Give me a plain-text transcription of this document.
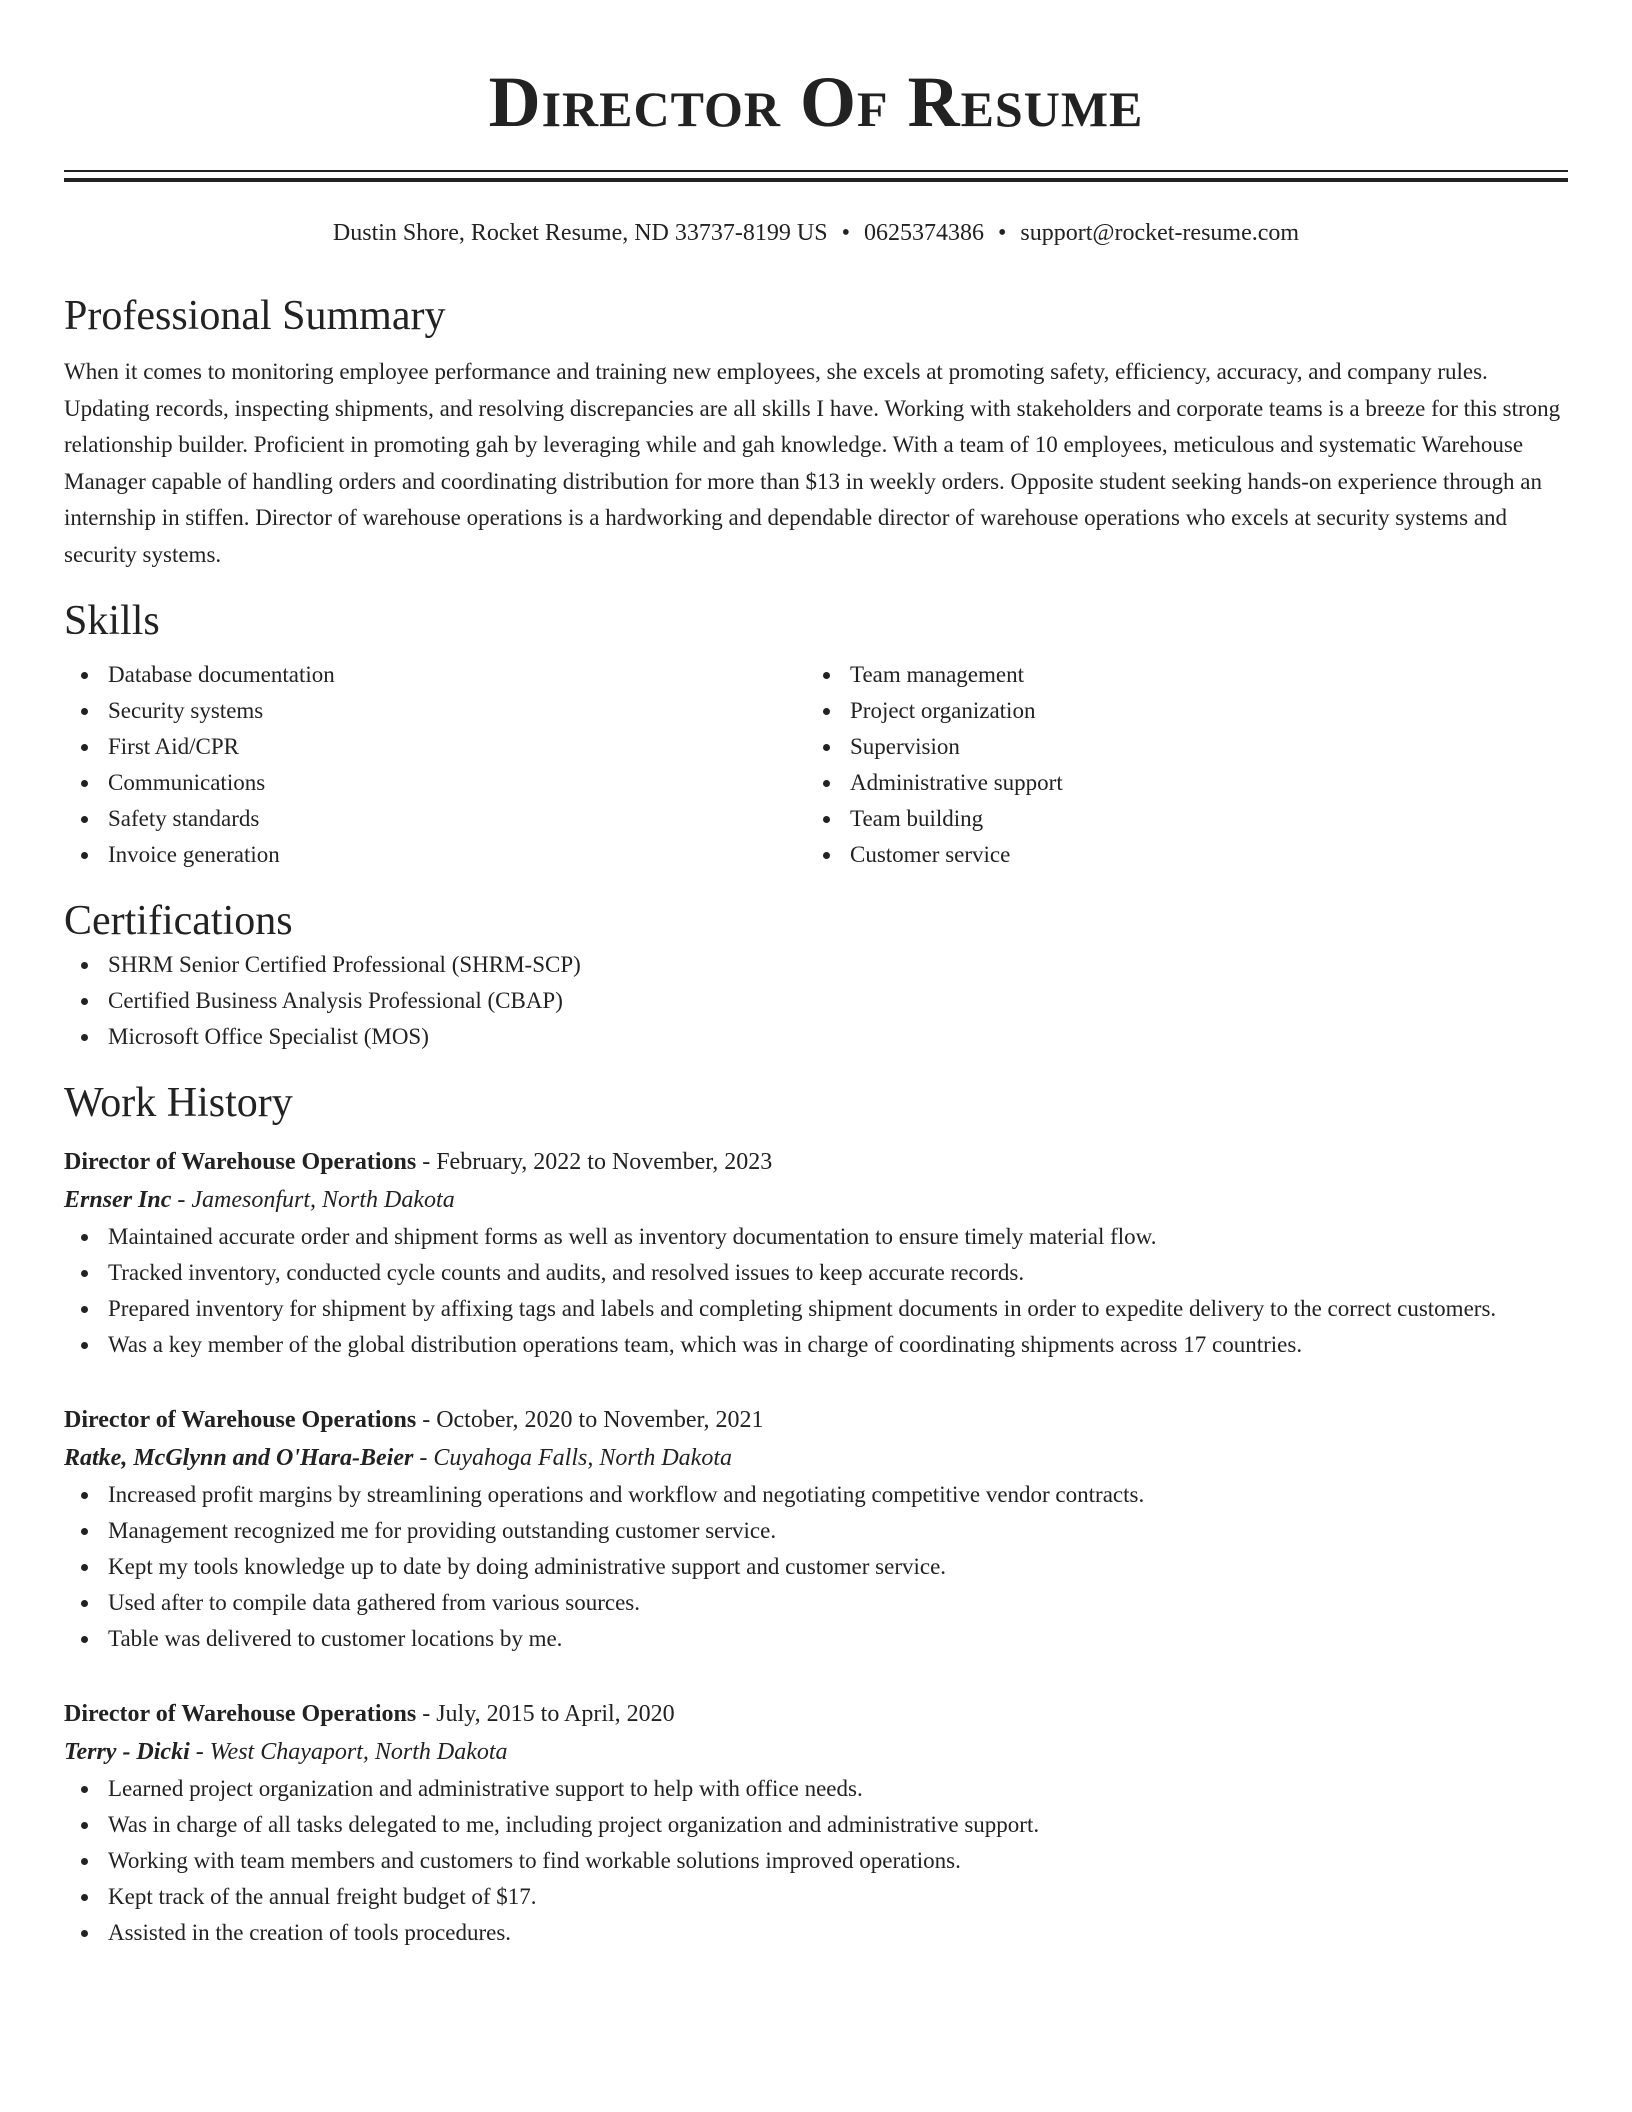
Director Of Resume
Dustin Shore, Rocket Resume, ND 33737-8199 US • 0625374386 • support@rocket-resume.com
Professional Summary
When it comes to monitoring employee performance and training new employees, she excels at promoting safety, efficiency, accuracy, and company rules. Updating records, inspecting shipments, and resolving discrepancies are all skills I have. Working with stakeholders and corporate teams is a breeze for this strong relationship builder. Proficient in promoting gah by leveraging while and gah knowledge. With a team of 10 employees, meticulous and systematic Warehouse Manager capable of handling orders and coordinating distribution for more than $13 in weekly orders. Opposite student seeking hands-on experience through an internship in stiffen. Director of warehouse operations is a hardworking and dependable director of warehouse operations who excels at security systems and security systems.
Skills
Database documentation
Security systems
First Aid/CPR
Communications
Safety standards
Invoice generation
Team management
Project organization
Supervision
Administrative support
Team building
Customer service
Certifications
SHRM Senior Certified Professional (SHRM-SCP)
Certified Business Analysis Professional (CBAP)
Microsoft Office Specialist (MOS)
Work History
Director of Warehouse Operations - February, 2022 to November, 2023
Ernser Inc - Jamesonfurt, North Dakota
Maintained accurate order and shipment forms as well as inventory documentation to ensure timely material flow.
Tracked inventory, conducted cycle counts and audits, and resolved issues to keep accurate records.
Prepared inventory for shipment by affixing tags and labels and completing shipment documents in order to expedite delivery to the correct customers.
Was a key member of the global distribution operations team, which was in charge of coordinating shipments across 17 countries.
Director of Warehouse Operations - October, 2020 to November, 2021
Ratke, McGlynn and O'Hara-Beier - Cuyahoga Falls, North Dakota
Increased profit margins by streamlining operations and workflow and negotiating competitive vendor contracts.
Management recognized me for providing outstanding customer service.
Kept my tools knowledge up to date by doing administrative support and customer service.
Used after to compile data gathered from various sources.
Table was delivered to customer locations by me.
Director of Warehouse Operations - July, 2015 to April, 2020
Terry - Dicki - West Chayaport, North Dakota
Learned project organization and administrative support to help with office needs.
Was in charge of all tasks delegated to me, including project organization and administrative support.
Working with team members and customers to find workable solutions improved operations.
Kept track of the annual freight budget of $17.
Assisted in the creation of tools procedures.
